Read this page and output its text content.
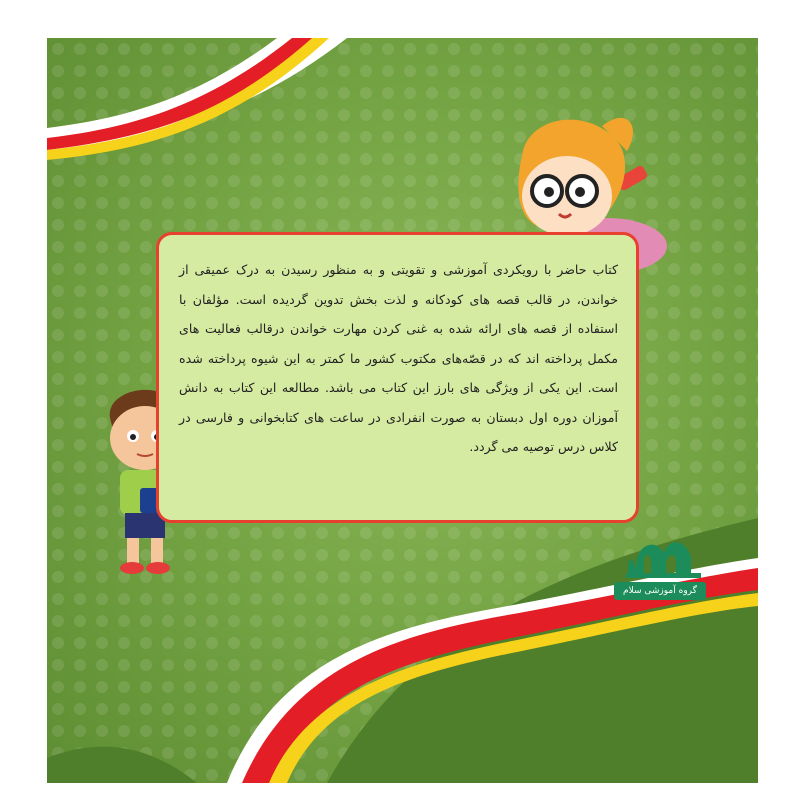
کتاب حاضر با رویکردی آموزشی و تقویتی و به منظور رسیدن به درک عمیقی از خواندن، در قالب قصه های کودکانه و لذت بخش تدوین گردیده است. مؤلفان با استفاده از قصه های ارائه شده به غنی کردن مهارت خواندن درقالب فعالیت های مکمل پرداخته اند که در قصّه‌های مکتوب کشور ما کمتر به این شیوه پرداخته شده است. این یکی از ویژگی های بارز این کتاب می باشد. مطالعه این کتاب به دانش آموزان دوره اول دبستان به صورت انفرادی در ساعت های کتابخوانی و فارسی در کلاس درس توصیه می گردد.

گروه آموزشی سلام
